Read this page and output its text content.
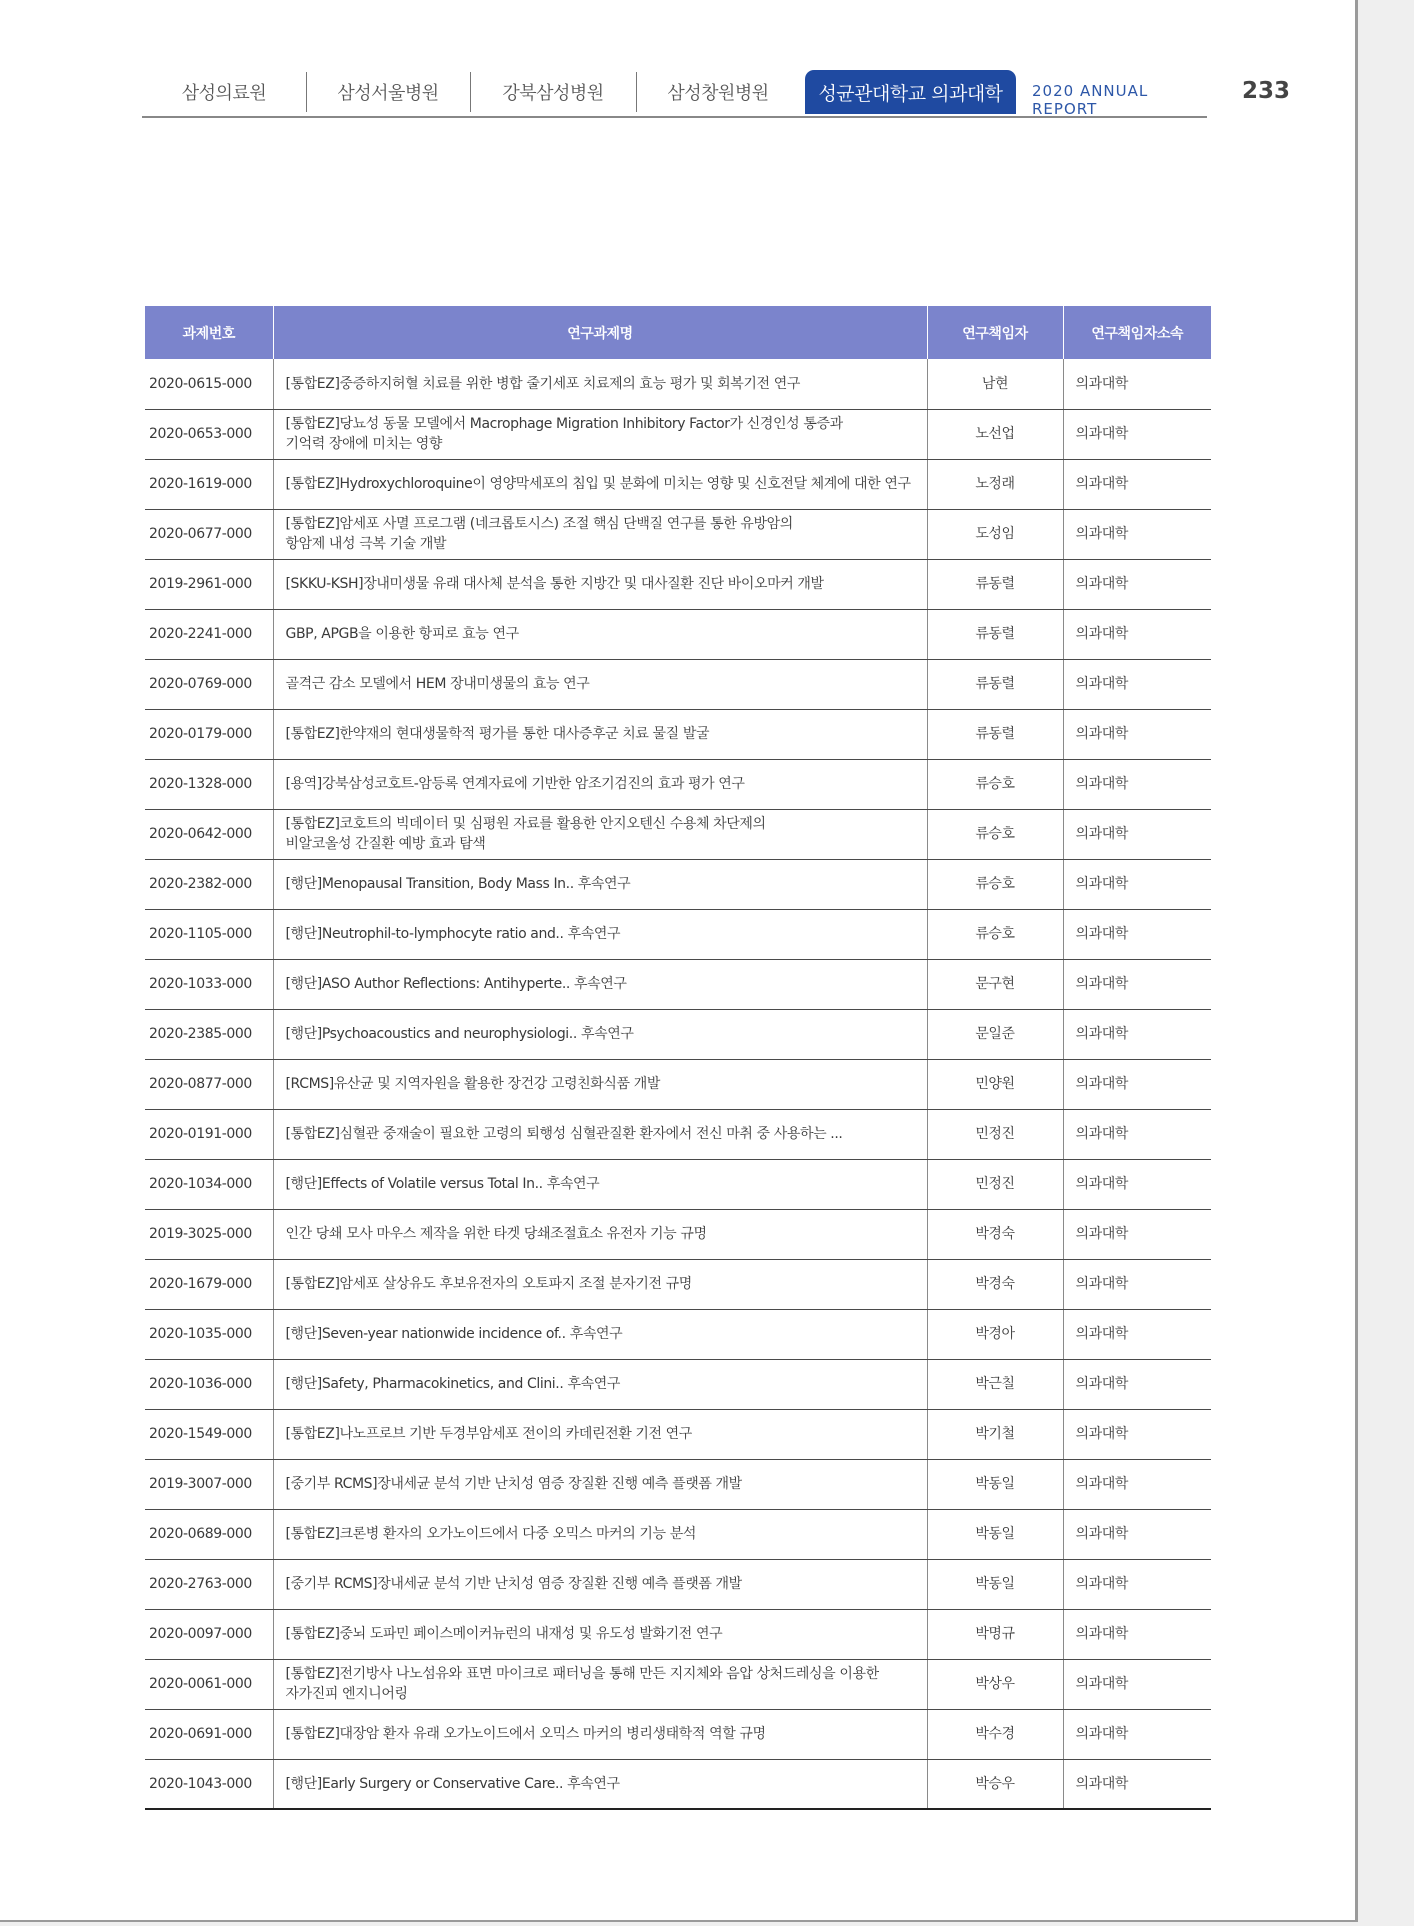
삼성의료원	삼성서울병원	강북삼성병원	삼성창원병원	성균관대학교 의과대학	2020 ANNUAL REPORT
233
과제번호	연구과제명	연구책임자	연구책임자소속
2020-0615-000	[통합EZ]중증하지허혈 치료를 위한 병합 줄기세포 치료제의 효능 평가 및 회복기전 연구	남현	의과대학
2020-0653-000	[통합EZ]당뇨성 동물 모델에서 Macrophage Migration Inhibitory Factor가 신경인성 통증과
기억력 장애에 미치는 영향	노선업	의과대학
2020-1619-000	[통합EZ]Hydroxychloroquine이 영양막세포의 침입 및 분화에 미치는 영향 및 신호전달 체계에 대한 연구	노정래	의과대학
2020-0677-000	[통합EZ]암세포 사멸 프로그램 (네크롭토시스) 조절 핵심 단백질 연구를 통한 유방암의
항암제 내성 극복 기술 개발	도성임	의과대학
2019-2961-000	[SKKU-KSH]장내미생물 유래 대사체 분석을 통한 지방간 및 대사질환 진단 바이오마커 개발	류동렬	의과대학
2020-2241-000	GBP, APGB을 이용한 항피로 효능 연구	류동렬	의과대학
2020-0769-000	골격근 감소 모델에서 HEM 장내미생물의 효능 연구	류동렬	의과대학
2020-0179-000	[통합EZ]한약재의 현대생물학적 평가를 통한 대사증후군 치료 물질 발굴	류동렬	의과대학
2020-1328-000	[용역]강북삼성코호트-암등록 연계자료에 기반한 암조기검진의 효과 평가 연구	류승호	의과대학
2020-0642-000	[통합EZ]코호트의 빅데이터 및 심평원 자료를 활용한 안지오텐신 수용체 차단제의
비알코올성 간질환 예방 효과 탐색	류승호	의과대학
2020-2382-000	[행단]Menopausal Transition, Body Mass In.. 후속연구	류승호	의과대학
2020-1105-000	[행단]Neutrophil-to-lymphocyte ratio and.. 후속연구	류승호	의과대학
2020-1033-000	[행단]ASO Author Reflections: Antihyperte.. 후속연구	문구현	의과대학
2020-2385-000	[행단]Psychoacoustics and neurophysiologi.. 후속연구	문일준	의과대학
2020-0877-000	[RCMS]유산균 및 지역자원을 활용한 장건강 고령친화식품 개발	민양원	의과대학
2020-0191-000	[통합EZ]심혈관 중재술이 필요한 고령의 퇴행성 심혈관질환 환자에서 전신 마취 중 사용하는 ...	민정진	의과대학
2020-1034-000	[행단]Effects of Volatile versus Total In.. 후속연구	민정진	의과대학
2019-3025-000	인간 당쇄 모사 마우스 제작을 위한 타겟 당쇄조절효소 유전자 기능 규명	박경숙	의과대학
2020-1679-000	[통합EZ]암세포 살상유도 후보유전자의 오토파지 조절 분자기전 규명	박경숙	의과대학
2020-1035-000	[행단]Seven-year nationwide incidence of.. 후속연구	박경아	의과대학
2020-1036-000	[행단]Safety, Pharmacokinetics, and Clini.. 후속연구	박근칠	의과대학
2020-1549-000	[통합EZ]나노프로브 기반 두경부암세포 전이의 카데린전환 기전 연구	박기철	의과대학
2019-3007-000	[중기부 RCMS]장내세균 분석 기반 난치성 염증 장질환 진행 예측 플랫폼 개발	박동일	의과대학
2020-0689-000	[통합EZ]크론병 환자의 오가노이드에서 다중 오믹스 마커의 기능 분석	박동일	의과대학
2020-2763-000	[중기부 RCMS]장내세균 분석 기반 난치성 염증 장질환 진행 예측 플랫폼 개발	박동일	의과대학
2020-0097-000	[통합EZ]중뇌 도파민 페이스메이커뉴런의 내재성 및 유도성 발화기전 연구	박명규	의과대학
2020-0061-000	[통합EZ]전기방사 나노섬유와 표면 마이크로 패터닝을 통해 만든 지지체와 음압 상처드레싱을 이용한
자가진피 엔지니어링	박상우	의과대학
2020-0691-000	[통합EZ]대장암 환자 유래 오가노이드에서 오믹스 마커의 병리생태학적 역할 규명	박수경	의과대학
2020-1043-000	[행단]Early Surgery or Conservative Care.. 후속연구	박승우	의과대학
